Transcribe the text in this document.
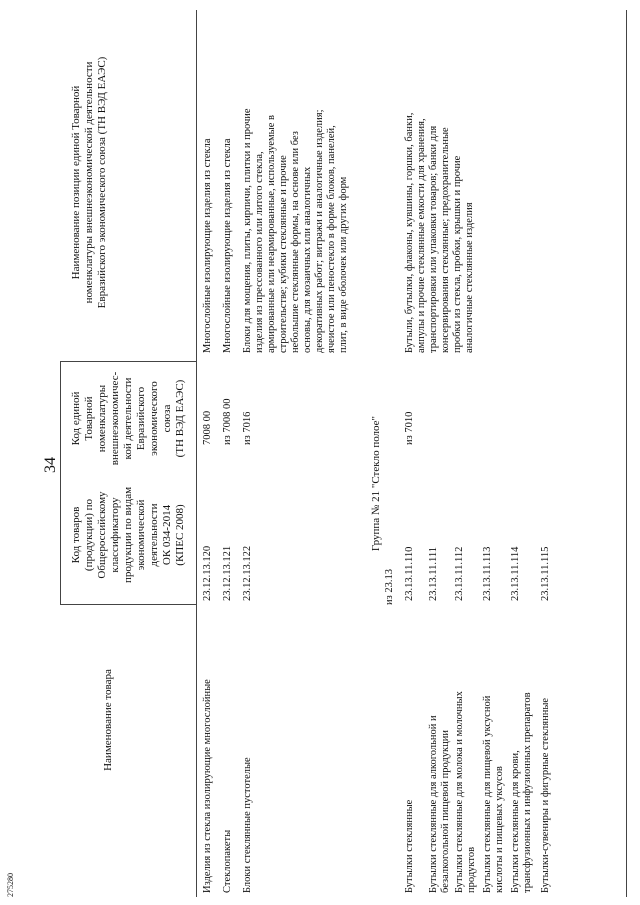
34
275280
Наименование товара
Код товаров (продукции) по Общероссийскому классификатору продукции по видам экономической деятельности ОК 034-2014 (КПЕС 2008)
Код единой Товарной номенклатуры внешнеэкономичес- кой деятельности Евразийского экономического союза (ТН ВЭД ЕАЭС)
Наименование позиции единой Товарной номенклатуры внешнеэкономической деятельности Евразийского экономического союза (ТН ВЭД ЕАЭС)
Изделия из стекла изолирующие многослойные
23.12.13.120
7008 00
Многослойные изолирующие изделия из стекла
Стеклопакеты
23.12.13.121
из 7008 00
Многослойные изолирующие изделия из стекла
Блоки стеклянные пустотелые
23.12.13.122
из 7016
Блоки для мощения, плиты, кирпичи, плитки и прочие изделия из прессованного или литого стекла, армированные или неармированные, используемые в строительстве; кубики стеклянные и прочие небольшие стеклянные формы, на основе или без основы, для мозаичных или аналогичных декоративных работ; витражи и аналогичные изделия; ячеистое или пеностекло в форме блоков, панелей, плит, в виде оболочек или других форм
Группа № 21 "Стекло полое"
из 23.13
Бутылки стеклянные
23.13.11.110
из 7010
Бутыли, бутылки, флаконы, кувшины, горшки, банки, ампулы и прочие стеклянные емкости для хранения, транспортировки или упаковки товаров; банки для консервирования стеклянные; предохранительные пробки из стекла, пробки, крышки и прочие аналогичные стеклянные изделия
Бутылки стеклянные для алкогольной и безалкогольной пищевой продукции
23.13.11.111
Бутылки стеклянные для молока и молочных продуктов
23.13.11.112
Бутылки стеклянные для пищевой уксусной кислоты и пищевых уксусов
23.13.11.113
Бутылки стеклянные для крови, трансфузионных и инфузионных препаратов
23.13.11.114
Бутылки-сувениры и фигурные стеклянные
23.13.11.115
